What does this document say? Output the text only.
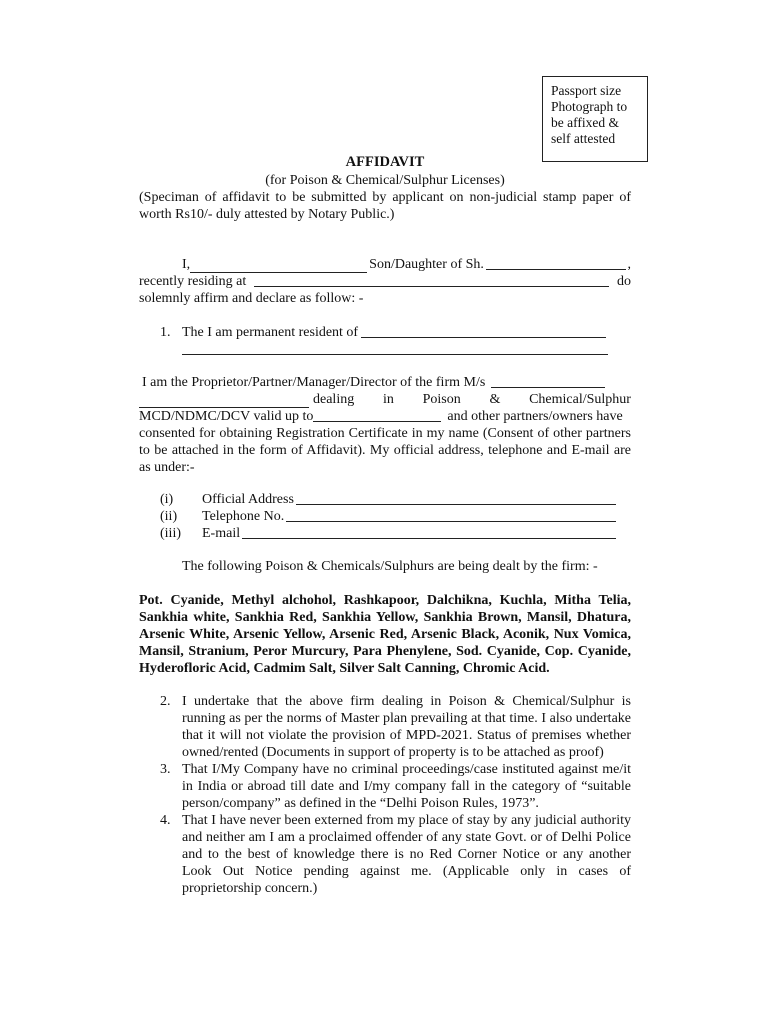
Passport size
Photograph to
be affixed &
self attested
AFFIDAVIT
(for Poison & Chemical/Sulphur Licenses)
(Speciman of affidavit to be submitted by applicant on non-judicial stamp paper of worth Rs10/- duly attested by Notary Public.)
I,	Son/Daughter of Sh.	,
recently residing at	do
solemnly affirm and declare as follow: -
1. The I am permanent resident of
I am the Proprietor/Partner/Manager/Director of the firm M/s
dealing in Poison & Chemical/Sulphur
MCD/NDMC/DCV valid up to	and other partners/owners have
consented for obtaining Registration Certificate in my name (Consent of other partners to be attached in the form of Affidavit). My official address, telephone and E-mail are as under:-
(i)	Official Address
(ii)	Telephone No.
(iii)	E-mail
The following Poison & Chemicals/Sulphurs are being dealt by the firm: -
Pot. Cyanide, Methyl alchohol, Rashkapoor, Dalchikna, Kuchla, Mitha Telia, Sankhia white, Sankhia Red, Sankhia Yellow, Sankhia Brown, Mansil, Dhatura, Arsenic White, Arsenic Yellow, Arsenic Red, Arsenic Black, Aconik, Nux Vomica, Mansil, Stranium, Peror Murcury, Para Phenylene, Sod. Cyanide, Cop. Cyanide, Hyderofloric Acid, Cadmim Salt, Silver Salt Canning, Chromic Acid.
2. I undertake that the above firm dealing in Poison & Chemical/Sulphur is running as per the norms of Master plan prevailing at that time. I also undertake that it will not violate the provision of MPD-2021. Status of premises whether owned/rented (Documents in support of property is to be attached as proof)
3. That I/My Company have no criminal proceedings/case instituted against me/it in India or abroad till date and I/my company fall in the category of “suitable person/company” as defined in the “Delhi Poison Rules, 1973”.
4. That I have never been externed from my place of stay by any judicial authority and neither am I am a proclaimed offender of any state Govt. or of Delhi Police and to the best of knowledge there is no Red Corner Notice or any another Look Out Notice pending against me. (Applicable only in cases of proprietorship concern.)
